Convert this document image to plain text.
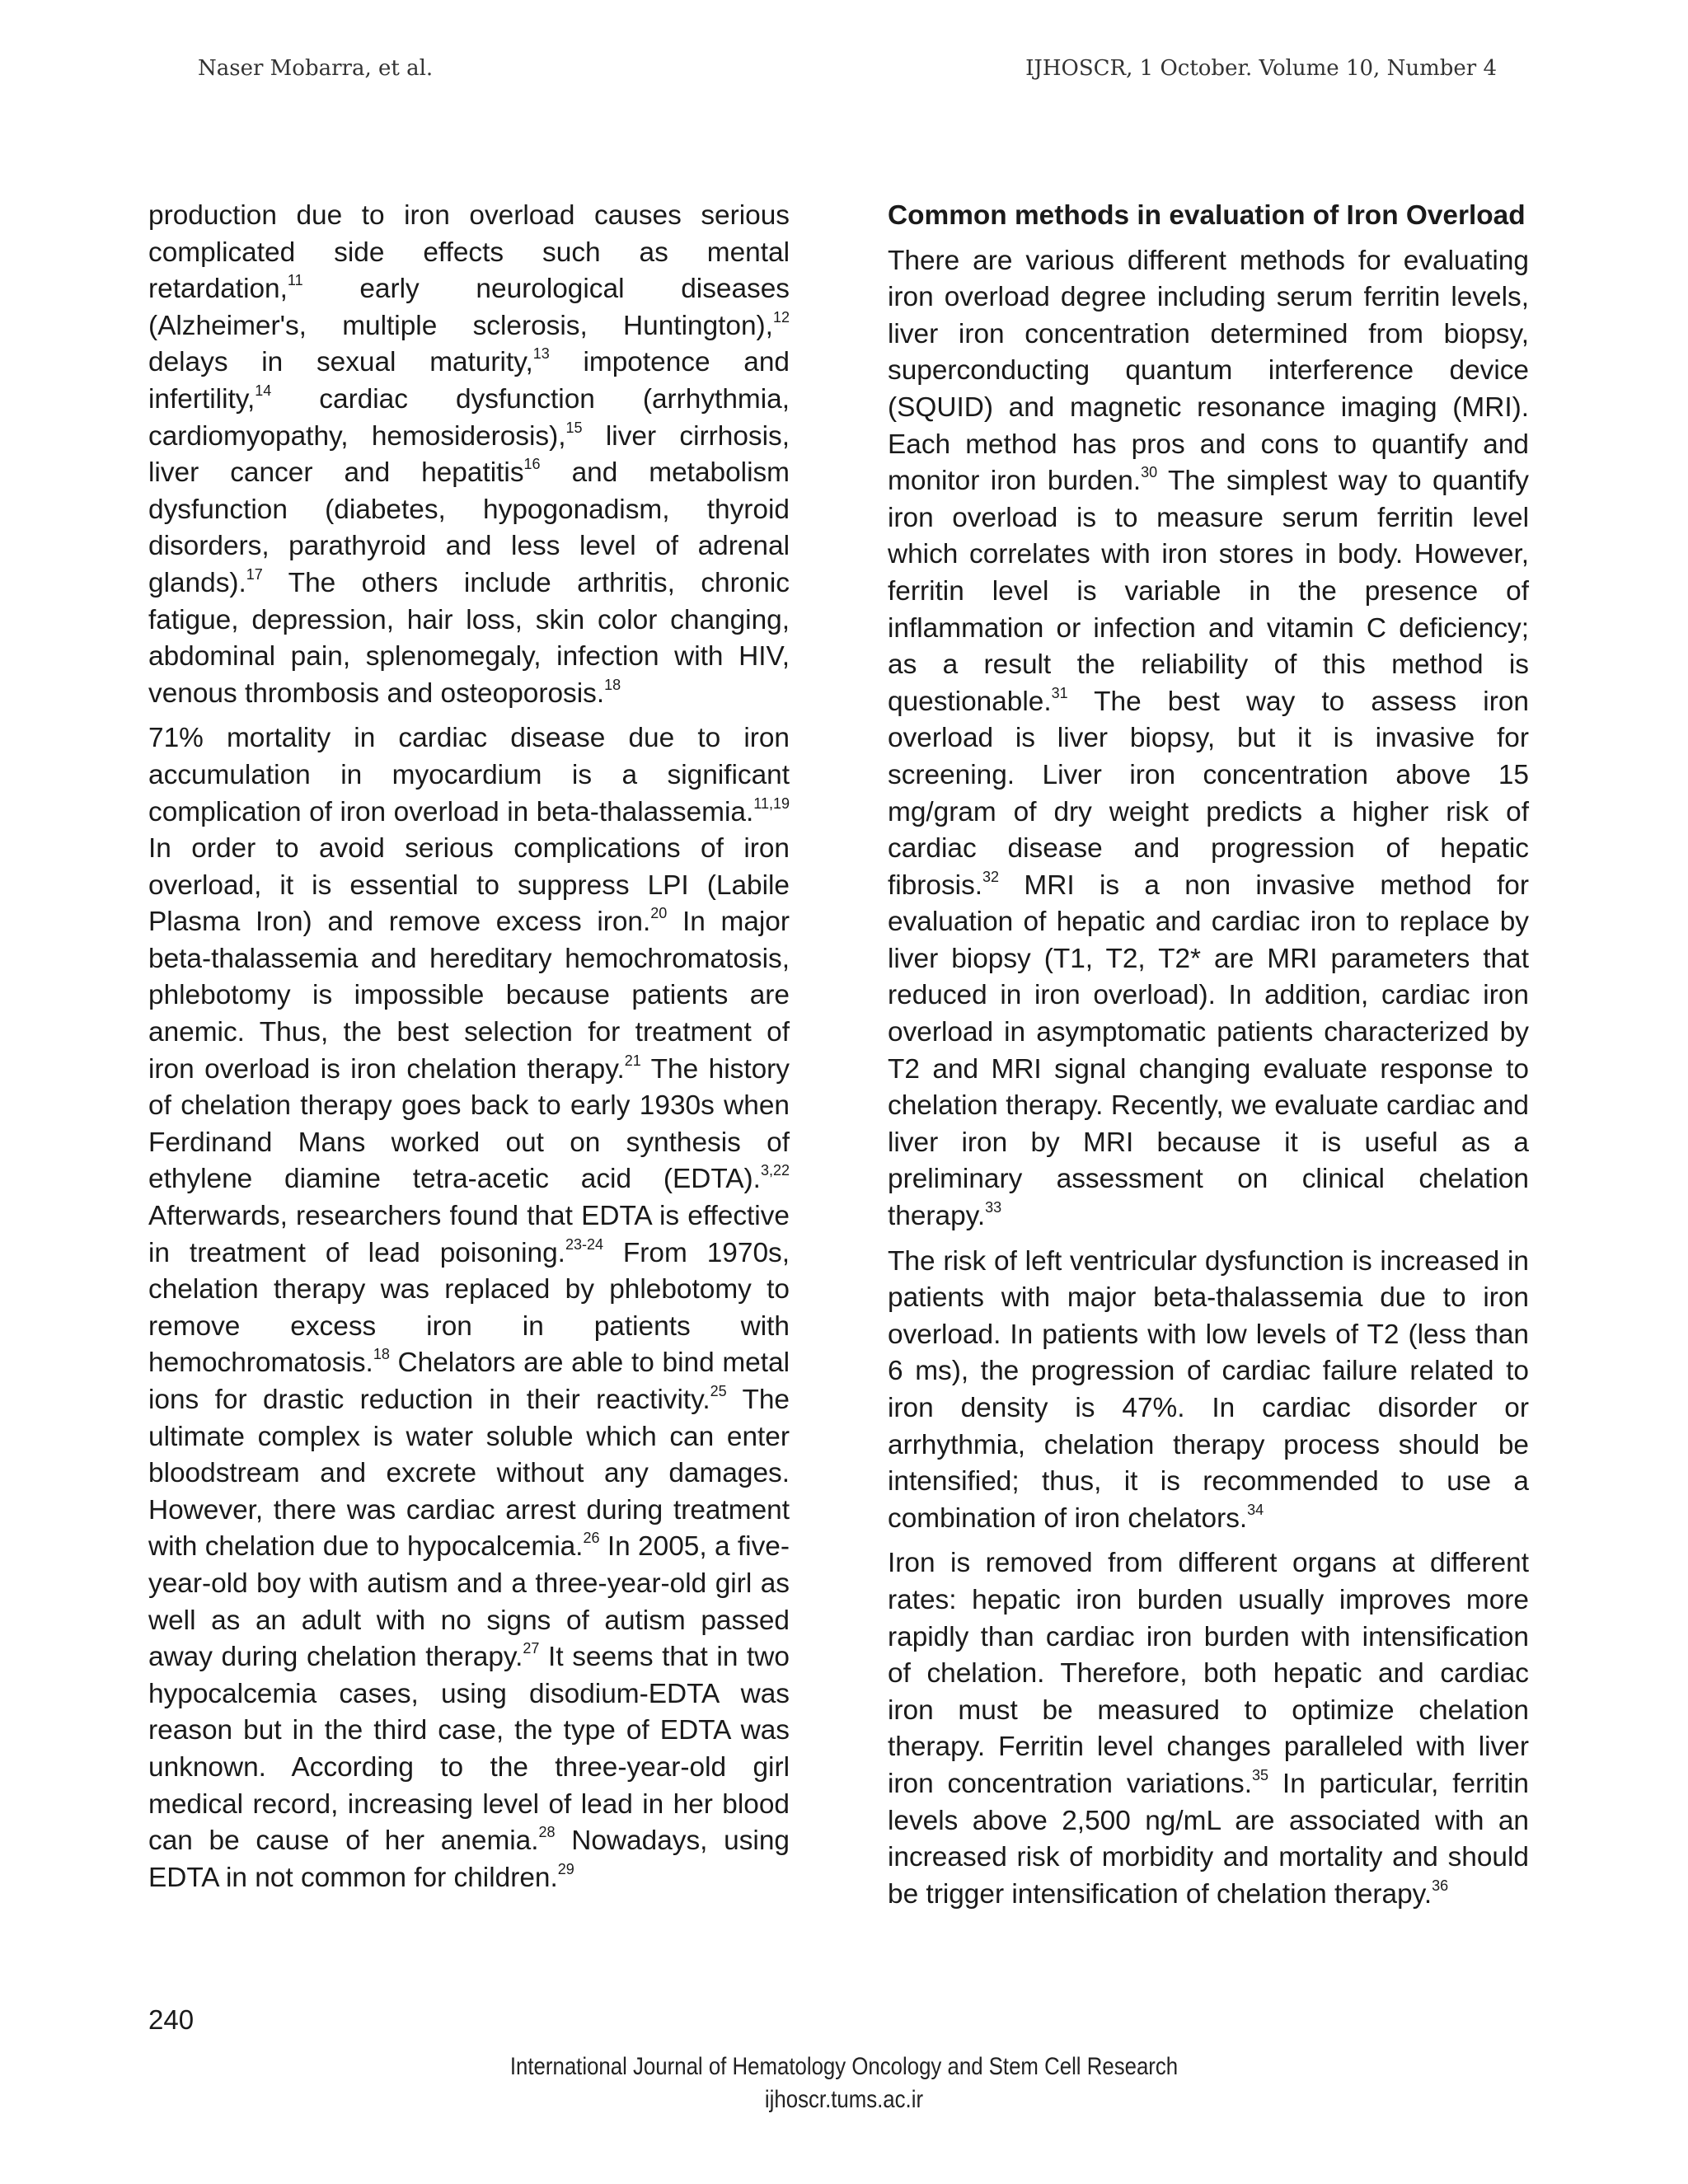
Naser Mobarra, et al.	IJHOSCR, 1 October. Volume 10, Number 4

production due to iron overload causes serious complicated side effects such as mental retardation,$^{11}$ early neurological diseases (Alzheimer's, multiple sclerosis, Huntington),$^{12}$ delays in sexual maturity,$^{13}$ impotence and infertility,$^{14}$ cardiac dysfunction (arrhythmia, cardiomyopathy, hemosiderosis),$^{15}$ liver cirrhosis, liver cancer and hepatitis$^{16}$ and metabolism dysfunction (diabetes, hypogonadism, thyroid disorders, parathyroid and less level of adrenal glands).$^{17}$ The others include arthritis, chronic fatigue, depression, hair loss, skin color changing, abdominal pain, splenomegaly, infection with HIV, venous thrombosis and osteoporosis.$^{18}$

71% mortality in cardiac disease due to iron accumulation in myocardium is a significant complication of iron overload in beta-thalassemia.$^{11,19}$ In order to avoid serious complications of iron overload, it is essential to suppress LPI (Labile Plasma Iron) and remove excess iron.$^{20}$ In major beta-thalassemia and hereditary hemochromatosis, phlebotomy is impossible because patients are anemic. Thus, the best selection for treatment of iron overload is iron chelation therapy.$^{21}$ The history of chelation therapy goes back to early 1930s when Ferdinand Mans worked out on synthesis of ethylene diamine tetra-acetic acid (EDTA).$^{3,22}$ Afterwards, researchers found that EDTA is effective in treatment of lead poisoning.$^{23-24}$ From 1970s, chelation therapy was replaced by phlebotomy to remove excess iron in patients with hemochromatosis.$^{18}$ Chelators are able to bind metal ions for drastic reduction in their reactivity.$^{25}$ The ultimate complex is water soluble which can enter bloodstream and excrete without any damages. However, there was cardiac arrest during treatment with chelation due to hypocalcemia.$^{26}$ In 2005, a five-year-old boy with autism and a three-year-old girl as well as an adult with no signs of autism passed away during chelation therapy.$^{27}$ It seems that in two hypocalcemia cases, using disodium-EDTA was reason but in the third case, the type of EDTA was unknown. According to the three-year-old girl medical record, increasing level of lead in her blood can be cause of her anemia.$^{28}$ Nowadays, using EDTA in not common for children.$^{29}$

Common methods in evaluation of Iron Overload

There are various different methods for evaluating iron overload degree including serum ferritin levels, liver iron concentration determined from biopsy, superconducting quantum interference device (SQUID) and magnetic resonance imaging (MRI). Each method has pros and cons to quantify and monitor iron burden.$^{30}$ The simplest way to quantify iron overload is to measure serum ferritin level which correlates with iron stores in body. However, ferritin level is variable in the presence of inflammation or infection and vitamin C deficiency; as a result the reliability of this method is questionable.$^{31}$ The best way to assess iron overload is liver biopsy, but it is invasive for screening. Liver iron concentration above 15 mg/gram of dry weight predicts a higher risk of cardiac disease and progression of hepatic fibrosis.$^{32}$ MRI is a non invasive method for evaluation of hepatic and cardiac iron to replace by liver biopsy (T1, T2, T2* are MRI parameters that reduced in iron overload). In addition, cardiac iron overload in asymptomatic patients characterized by T2 and MRI signal changing evaluate response to chelation therapy. Recently, we evaluate cardiac and liver iron by MRI because it is useful as a preliminary assessment on clinical chelation therapy.$^{33}$

The risk of left ventricular dysfunction is increased in patients with major beta-thalassemia due to iron overload. In patients with low levels of T2 (less than 6 ms), the progression of cardiac failure related to iron density is 47%. In cardiac disorder or arrhythmia, chelation therapy process should be intensified; thus, it is recommended to use a combination of iron chelators.$^{34}$

Iron is removed from different organs at different rates: hepatic iron burden usually improves more rapidly than cardiac iron burden with intensification of chelation. Therefore, both hepatic and cardiac iron must be measured to optimize chelation therapy. Ferritin level changes paralleled with liver iron concentration variations.$^{35}$ In particular, ferritin levels above 2,500 ng/mL are associated with an increased risk of morbidity and mortality and should be trigger intensification of chelation therapy.$^{36}$

240
International Journal of Hematology Oncology and Stem Cell Research
ijhoscr.tums.ac.ir
